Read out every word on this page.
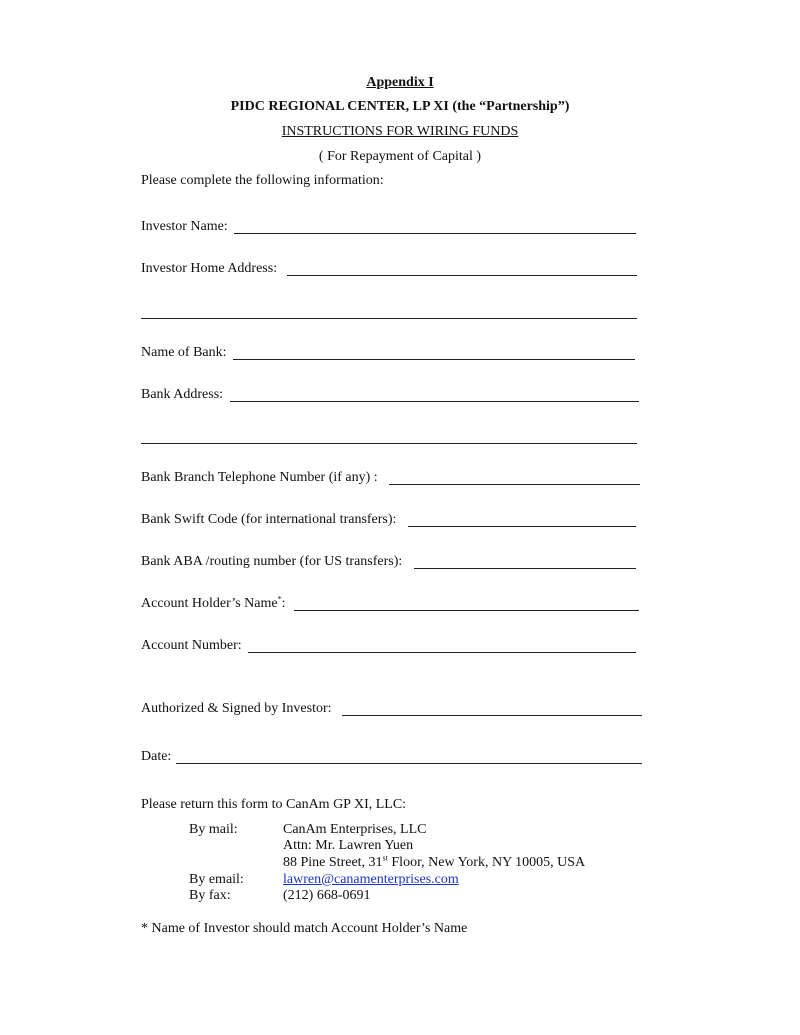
Appendix I
PIDC REGIONAL CENTER, LP XI (the “Partnership”)
INSTRUCTIONS FOR WIRING FUNDS
( For Repayment of Capital )
Please complete the following information:
Investor Name:
Investor Home Address:
Name of Bank:
Bank Address:
Bank Branch Telephone Number (if any) :
Bank Swift Code (for international transfers):
Bank ABA /routing number (for US transfers):
Account Holder’s Name*:
Account Number:
Authorized & Signed by Investor:
Date:
Please return this form to CanAm GP XI, LLC:
By mail:	CanAm Enterprises, LLC
Attn: Mr. Lawren Yuen
88 Pine Street, 31st Floor, New York, NY 10005, USA
By email:	lawren@canamenterprises.com
By fax:	(212) 668-0691
* Name of Investor should match Account Holder’s Name
